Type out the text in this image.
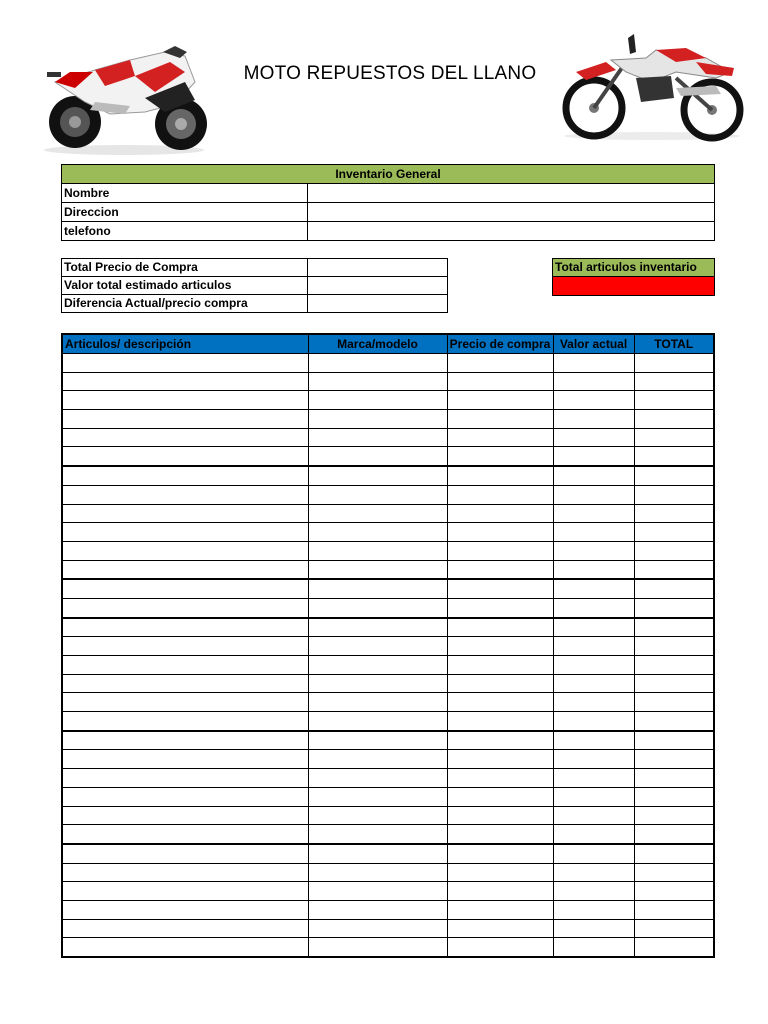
MOTO REPUESTOS DEL LLANO
Inventario General	
Nombre	
Direccion	
telefono	
Total Precio de Compra	
Valor total estimado articulos	
Diferencia Actual/precio compra	
Total articulos inventario

Articulos/ descripción	Marca/modelo	Precio de compra	Valor actual	TOTAL
